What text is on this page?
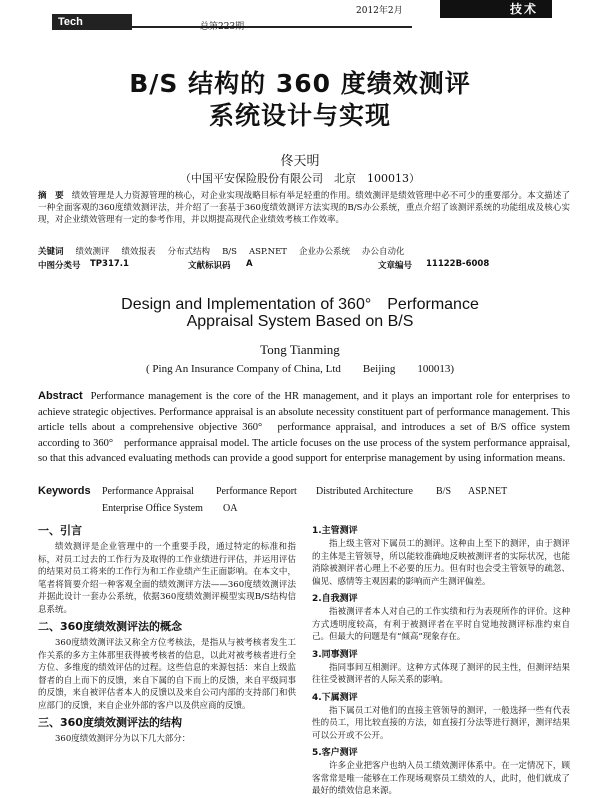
Tech	总第223期
2012年2月	技术
B/S 结构的 360 度绩效测评
系统设计与实现
佟天明
（中国平安保险股份有限公司　北京　100013）
摘　要 绩效管理是人力资源管理的核心，对企业实现战略目标有举足轻重的作用。绩效测评是绩效管理中必不可少的重要部分。本文描述了一种全面客观的360度绩效测评法，并介绍了一套基于360度绩效测评方法实现的B/S办公系统，重点介绍了该测评系统的功能组成及核心实现，对企业绩效管理有一定的参考作用，并以期提高现代企业绩效考核工作效率。
关键词 绩效测评 绩效报表 分布式结构 B/S ASP.NET 企业办公系统 办公自动化
中图分类号 TP317.1	文献标识码 A	文章编号 11122B-6008
Design and Implementation of 360°　Performance
Appraisal System Based on B/S
Tong Tianming
( Ping An Insurance Company of China, Ltd　　Beijing　　100013)
Abstract Performance management is the core of the HR management, and it plays an important role for enterprises to achieve strategic objectives. Performance appraisal is an absolute necessity constituent part of performance management. This article tells about a comprehensive objective 360°　performance appraisal, and introduces a set of B/S office system according to 360°　performance appraisal model. The article focuses on the use process of the system performance appraisal, so that this advanced evaluating methods can provide a good support for enterprise management by using information means.
Keywords Performance Appraisal Performance Report Distributed Architecture B/S ASP.NET
Enterprise Office System OA
一、引言

绩效测评是企业管理中的一个重要手段，通过特定的标准和指标，对员工过去的工作行为及取得的工作业绩进行评估，并运用评估的结果对员工将来的工作行为和工作业绩产生正面影响。在本文中，笔者将简要介绍一种客观全面的绩效测评方法——360度绩效测评法并据此设计一套办公系统，依据360度绩效测评模型实现B/S结构信息系统。

二、360度绩效测评法的概念

360度绩效测评法又称全方位考核法，是指从与被考核者发生工作关系的多方主体那里获得被考核者的信息，以此对被考核者进行全方位、多维度的绩效评估的过程。这些信息的来源包括：来自上级监督者的自上而下的反馈，来自下属的自下而上的反馈，来自平级同事的反馈，来自被评估者本人的反馈以及来自公司内部的支持部门和供应部门的反馈，来自企业外部的客户以及供应商的反馈。

三、360度绩效测评法的结构

360度绩效测评分为以下几大部分：

1.主管测评

指上级主管对下属员工的测评。这种由上至下的测评，由于测评的主体是主管领导，所以能较准确地反映被测评者的实际状况，也能消除被测评者心理上不必要的压力。但有时也会受主管领导的疏忽、偏见、感情等主观因素的影响而产生测评偏差。

2.自我测评

指被测评者本人对自己的工作实绩和行为表现所作的评价。这种方式透明度较高，有利于被测评者在平时自觉地按测评标准约束自己。但最大的问题是有“倾高”现象存在。

3.同事测评

指同事间互相测评。这种方式体现了测评的民主性，但测评结果往往受被测评者的人际关系的影响。

4.下属测评

指下属员工对他们的直接主管领导的测评，一般选择一些有代表性的员工，用比较直接的方法，如直接打分法等进行测评，测评结果可以公开或不公开。

5.客户测评

许多企业把客户也纳入员工绩效测评体系中。在一定情况下，顾客常常是唯一能够在工作现场观察员工绩效的人，此时，他们就成了最好的绩效信息来源。
